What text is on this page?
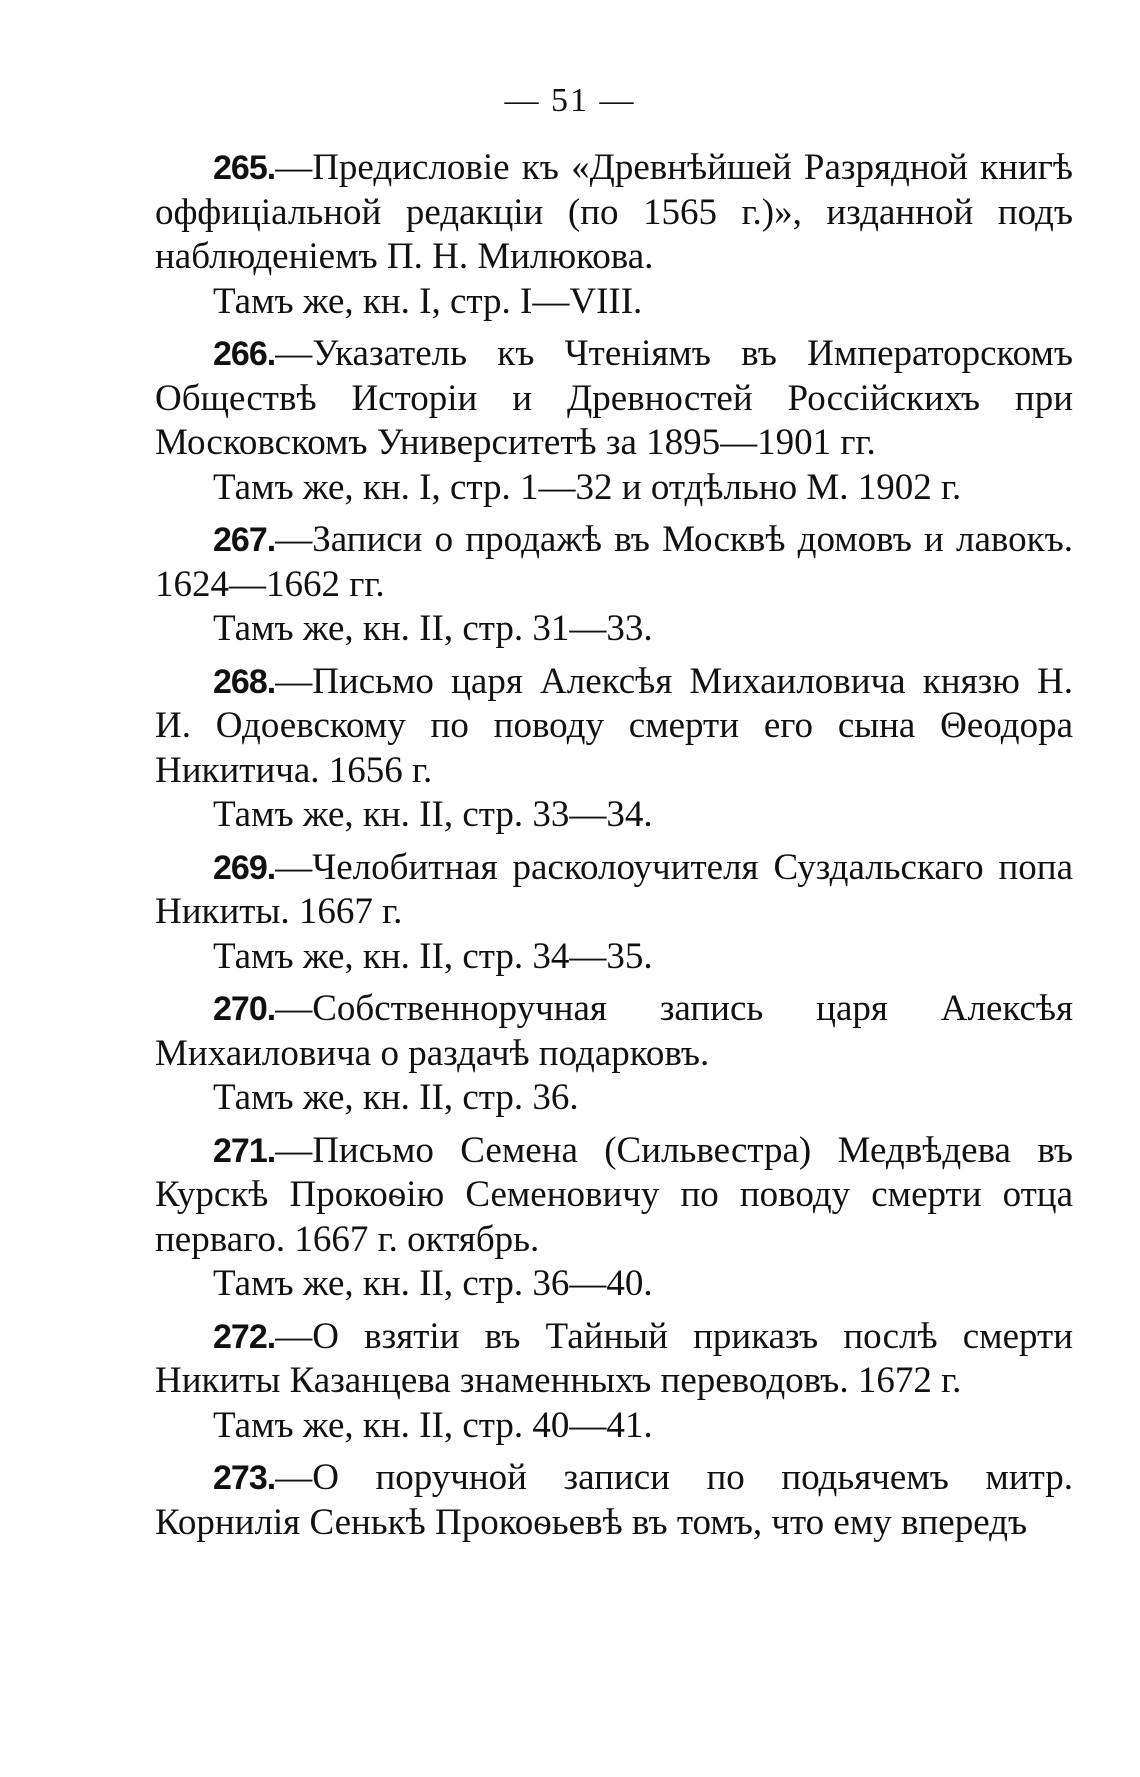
— 51 —

265.—Предисловіе къ «Древнѣйшей Разрядной книгѣ оффиціальной редакціи (по 1565 г.)», изданной подъ наблюденіемъ П. Н. Милюкова.

Тамъ же, кн. I, стр. I—VIII.

266.—Указатель къ Чтеніямъ въ Императорскомъ Обществѣ Исторіи и Древностей Россійскихъ при Московскомъ Университетѣ за 1895—1901 гг.

Тамъ же, кн. I, стр. 1—32 и отдѣльно М. 1902 г.

267.—Записи о продажѣ въ Москвѣ домовъ и лавокъ. 1624—1662 гг.

Тамъ же, кн. II, стр. 31—33.

268.—Письмо царя Алексѣя Михаиловича князю Н. И. Одоевскому по поводу смерти его сына Θеодора Никитича. 1656 г.

Тамъ же, кн. II, стр. 33—34.

269.—Челобитная расколоучителя Суздальскаго попа Никиты. 1667 г.

Тамъ же, кн. II, стр. 34—35.

270.—Собственноручная запись царя Алексѣя Михаиловича о раздачѣ подарковъ.

Тамъ же, кн. II, стр. 36.

271.—Письмо Семена (Сильвестра) Медвѣдева въ Курскѣ Прокоѳію Семеновичу по поводу смерти отца перваго. 1667 г. октябрь.

Тамъ же, кн. II, стр. 36—40.

272.—О взятіи въ Тайный приказъ послѣ смерти Никиты Казанцева знаменныхъ переводовъ. 1672 г.

Тамъ же, кн. II, стр. 40—41.

273.—О поручной записи по подьячемъ митр. Корнилія Сенькѣ Прокоѳьевѣ въ томъ, что ему впередъ
